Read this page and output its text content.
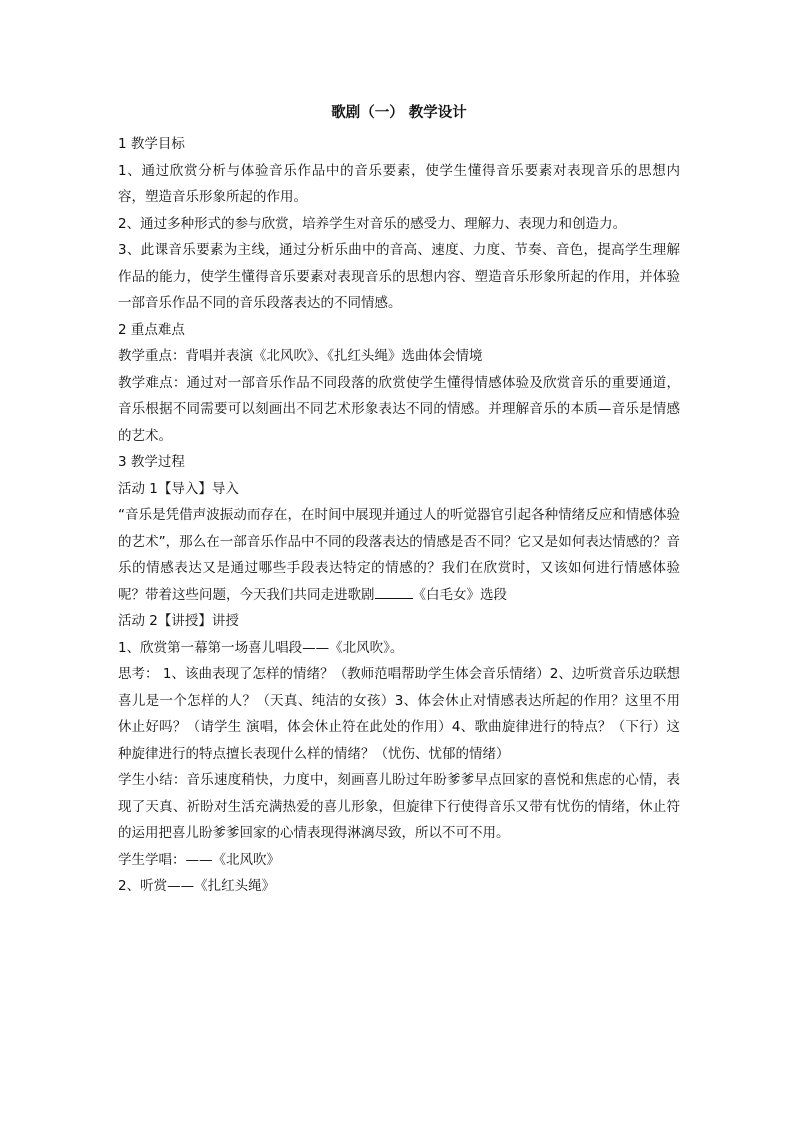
歌剧（一） 教学设计

1 教学目标

1、通过欣赏分析与体验音乐作品中的音乐要素，使学生懂得音乐要素对表现音乐的思想内容，塑造音乐形象所起的作用。

2、通过多种形式的参与欣赏，培养学生对音乐的感受力、理解力、表现力和创造力。

3、此课音乐要素为主线，通过分析乐曲中的音高、速度、力度、节奏、音色，提高学生理解作品的能力，使学生懂得音乐要素对表现音乐的思想内容、塑造音乐形象所起的作用，并体验一部音乐作品不同的音乐段落表达的不同情感。

2 重点难点

教学重点：背唱并表演《北风吹》、《扎红头绳》选曲体会情境

教学难点：通过对一部音乐作品不同段落的欣赏使学生懂得情感体验及欣赏音乐的重要通道，音乐根据不同需要可以刻画出不同艺术形象表达不同的情感。并理解音乐的本质—音乐是情感的艺术。

3 教学过程

活动 1【导入】导入

“音乐是凭借声波振动而存在，在时间中展现并通过人的听觉器官引起各种情绪反应和情感体验的艺术”，那么在一部音乐作品中不同的段落表达的情感是否不同？它又是如何表达情感的？音乐的情感表达又是通过哪些手段表达特定的情感的？我们在欣赏时，又该如何进行情感体验呢？带着这些问题，今天我们共同走进歌剧	《白毛女》选段

活动 2【讲授】讲授

1、欣赏第一幕第一场喜儿唱段——《北风吹》。

思考： 1、该曲表现了怎样的情绪？（教师范唱帮助学生体会音乐情绪）2、边听赏音乐边联想喜儿是一个怎样的人？（天真、纯洁的女孩）3、体会休止对情感表达所起的作用？这里不用休止好吗？（请学生 演唱，体会休止符在此处的作用）4、歌曲旋律进行的特点？（下行）这种旋律进行的特点擅长表现什么样的情绪？（忧伤、忧郁的情绪）

学生小结：音乐速度稍快，力度中，刻画喜儿盼过年盼爹爹早点回家的喜悦和焦虑的心情，表现了天真、祈盼对生活充满热爱的喜儿形象，但旋律下行使得音乐又带有忧伤的情绪，休止符的运用把喜儿盼爹爹回家的心情表现得淋漓尽致，所以不可不用。

学生学唱：——《北风吹》

2、听赏——《扎红头绳》
